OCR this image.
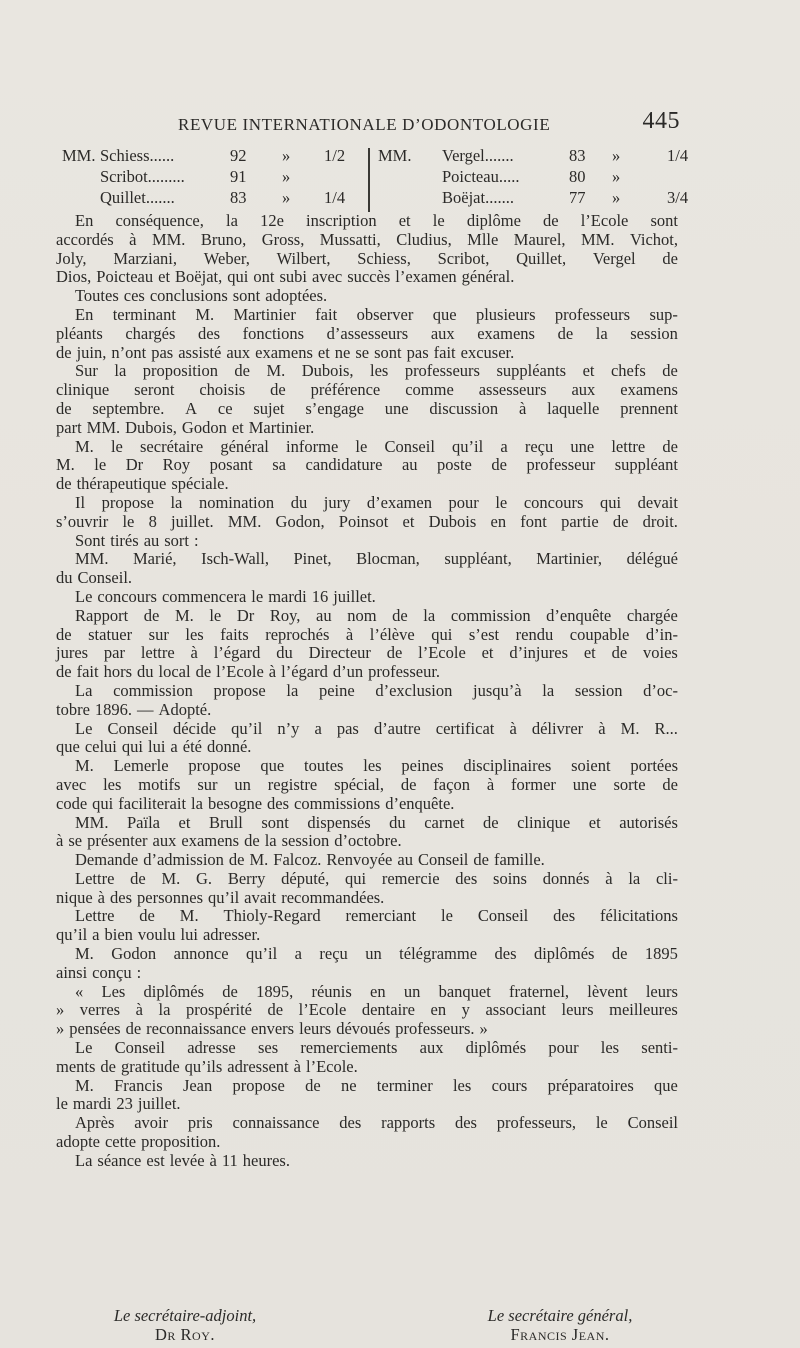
REVUE INTERNATIONALE D’ODONTOLOGIE	445
MM. Schiess......	92 » 1/2
Scribot.........	91 »
Quillet.......	83 » 1/4
MM. Vergel.......	83 »	1/4
Poicteau.....	80 »
Boëjat.......	77 »	3/4
En conséquence, la 12e inscription et le diplôme de l’Ecole sont
accordés à MM. Bruno, Gross, Mussatti, Cludius, Mlle Maurel, MM. Vichot,
Joly, Marziani, Weber, Wilbert, Schiess, Scribot, Quillet, Vergel de
Dios, Poicteau et Boëjat, qui ont subi avec succès l’examen général.
Toutes ces conclusions sont adoptées.
En terminant M. Martinier fait observer que plusieurs professeurs sup-
pléants chargés des fonctions d’assesseurs aux examens de la session
de juin, n’ont pas assisté aux examens et ne se sont pas fait excuser.
Sur la proposition de M. Dubois, les professeurs suppléants et chefs de
clinique seront choisis de préférence comme assesseurs aux examens
de septembre. A ce sujet s’engage une discussion à laquelle prennent
part MM. Dubois, Godon et Martinier.
M. le secrétaire général informe le Conseil qu’il a reçu une lettre de
M. le Dr Roy posant sa candidature au poste de professeur suppléant
de thérapeutique spéciale.
Il propose la nomination du jury d’examen pour le concours qui devait
s’ouvrir le 8 juillet. MM. Godon, Poinsot et Dubois en font partie de droit.
Sont tirés au sort :
MM. Marié, Isch-Wall, Pinet, Blocman, suppléant, Martinier, délégué
du Conseil.
Le concours commencera le mardi 16 juillet.
Rapport de M. le Dr Roy, au nom de la commission d’enquête chargée
de statuer sur les faits reprochés à l’élève qui s’est rendu coupable d’in-
jures par lettre à l’égard du Directeur de l’Ecole et d’injures et de voies
de fait hors du local de l’Ecole à l’égard d’un professeur.
La commission propose la peine d’exclusion jusqu’à la session d’oc-
tobre 1896. — Adopté.
Le Conseil décide qu’il n’y a pas d’autre certificat à délivrer à M. R...
que celui qui lui a été donné.
M. Lemerle propose que toutes les peines disciplinaires soient portées
avec les motifs sur un registre spécial, de façon à former une sorte de
code qui faciliterait la besogne des commissions d’enquête.
MM. Païla et Brull sont dispensés du carnet de clinique et autorisés
à se présenter aux examens de la session d’octobre.
Demande d’admission de M. Falcoz. Renvoyée au Conseil de famille.
Lettre de M. G. Berry député, qui remercie des soins donnés à la cli-
nique à des personnes qu’il avait recommandées.
Lettre de M. Thioly-Regard remerciant le Conseil des félicitations
qu’il a bien voulu lui adresser.
M. Godon annonce qu’il a reçu un télégramme des diplômés de 1895
ainsi conçu :
« Les diplômés de 1895, réunis en un banquet fraternel, lèvent leurs
» verres à la prospérité de l’Ecole dentaire en y associant leurs meilleures
» pensées de reconnaissance envers leurs dévoués professeurs. »
Le Conseil adresse ses remerciements aux diplômés pour les senti-
ments de gratitude qu’ils adressent à l’Ecole.
M. Francis Jean propose de ne terminer les cours préparatoires que
le mardi 23 juillet.
Après avoir pris connaissance des rapports des professeurs, le Conseil
adopte cette proposition.
La séance est levée à 11 heures.
Le secrétaire-adjoint,
Dr Roy.
Le secrétaire général,
Francis Jean.
